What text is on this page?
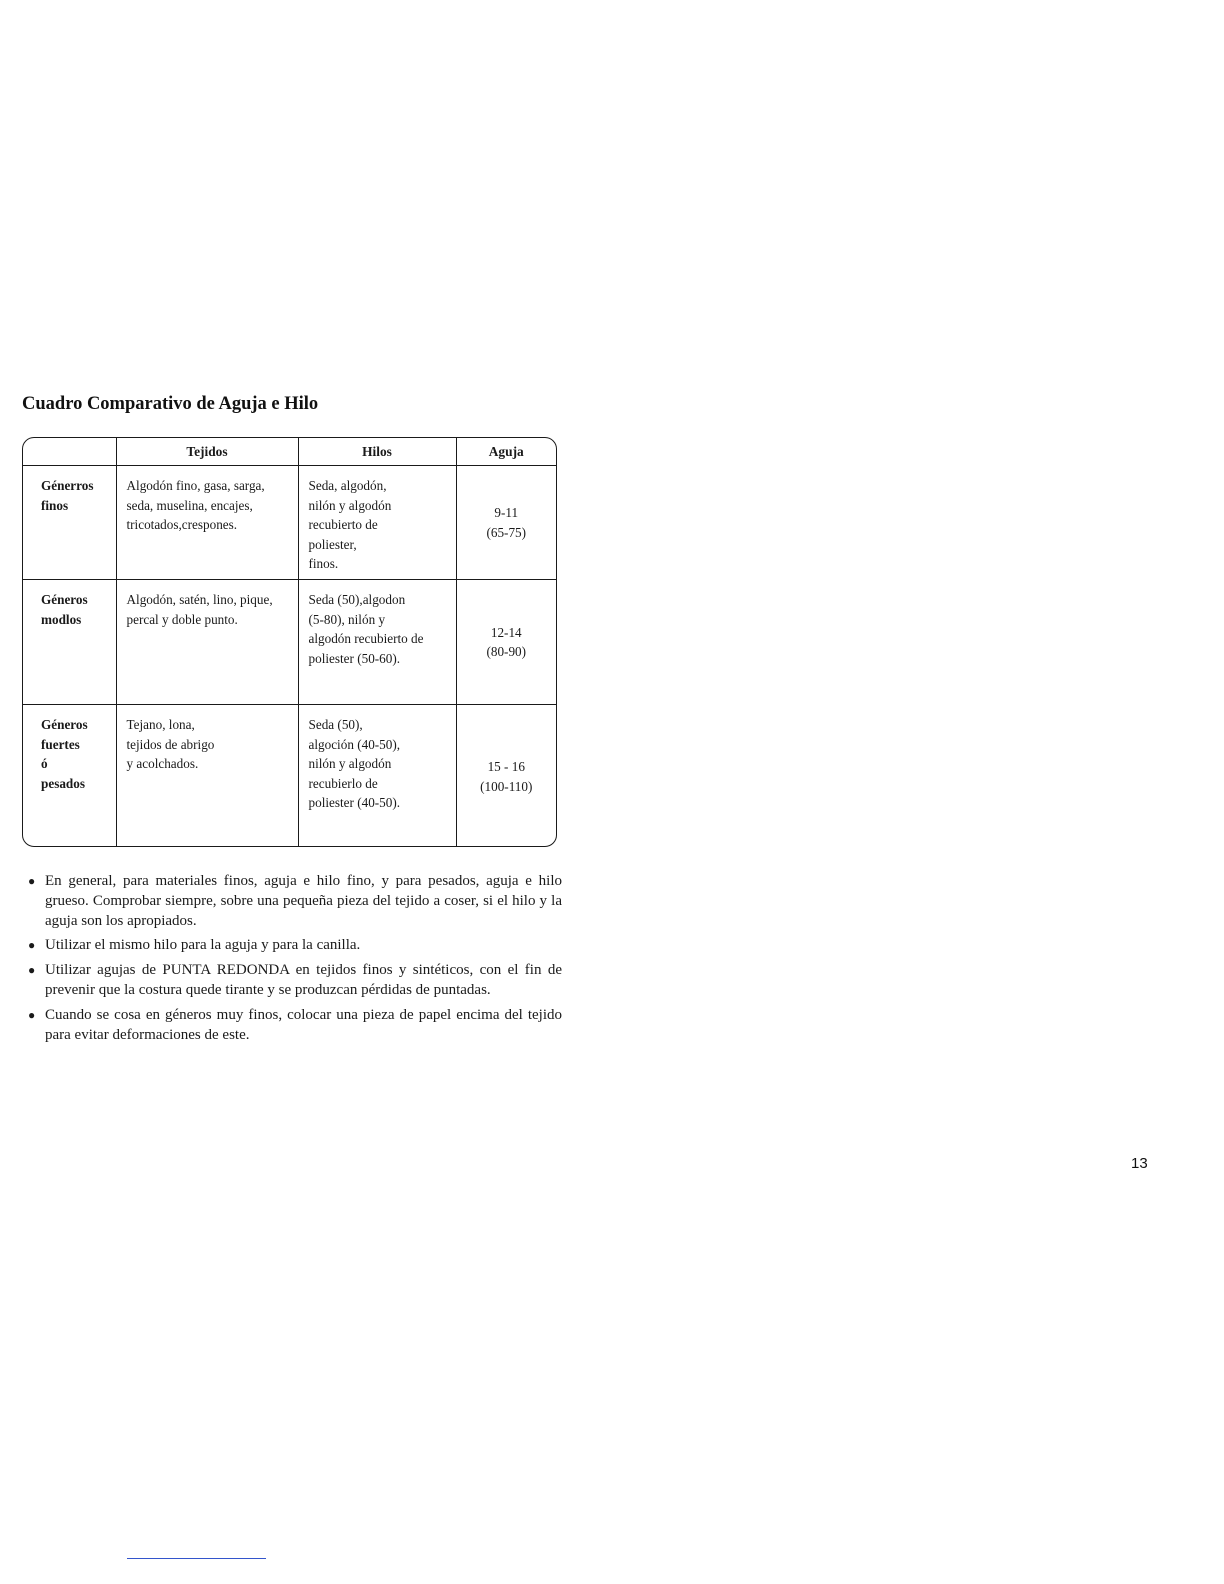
Cuadro Comparativo de Aguja e Hilo
	Tejidos	Hilos	Aguja

Génerros
finos	Algodón fino, gasa, sarga,
seda, muselina, encajes,
tricotados,crespones.	Seda, algodón,
nilón y algodón
recubierto de
poliester,
finos.	9-11
(65-75)

Géneros
modlos	Algodón, satén, lino, pique,
percal y doble punto.	Seda (50),algodon
(5-80), nilón y
algodón recubierto de
poliester (50-60).	12-14
(80-90)

Géneros
fuertes
ó
pesados	Tejano, lona,
tejidos de abrigo
y acolchados.	Seda (50),
algoción (40-50),
nilón y algodón
recubierlo de
poliester (40-50).	15 - 16
(100-110)
● En general, para materiales finos, aguja e hilo fino, y para pesados, aguja e hilo grueso. Comprobar siempre, sobre una pequeña pieza del tejido a coser, si el hilo y la aguja son los apropiados.
● Utilizar el mismo hilo para la aguja y para la canilla.
● Utilizar agujas de PUNTA REDONDA en tejidos finos y sintéticos, con el fin de prevenir que la costura quede tirante y se produzcan pérdidas de puntadas.
● Cuando se cosa en géneros muy finos, colocar una pieza de papel encima del tejido para evitar deformaciones de este.
13
